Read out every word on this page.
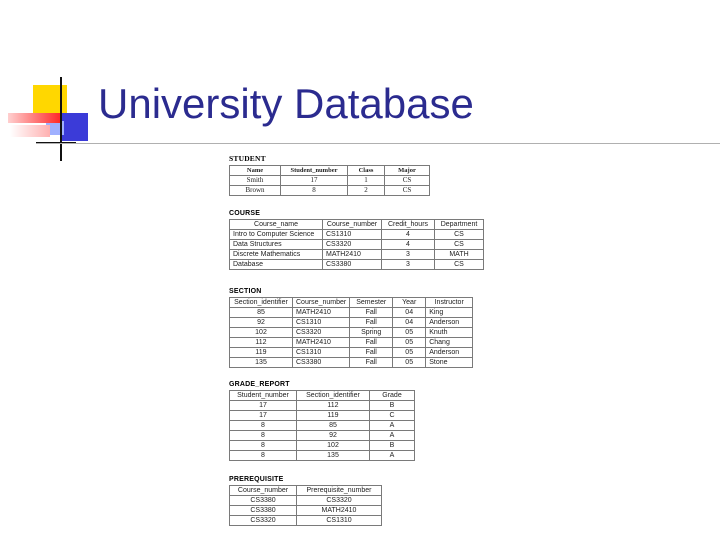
University Database
STUDENT
Name	Student_number	Class	Major
Smith	17	1	CS
Brown	8	2	CS
COURSE
Course_name	Course_number	Credit_hours	Department
Intro to Computer Science	CS1310	4	CS
Data Structures	CS3320	4	CS
Discrete Mathematics	MATH2410	3	MATH
Database	CS3380	3	CS
SECTION
Section_identifier	Course_number	Semester	Year	Instructor
85	MATH2410	Fall	04	King
92	CS1310	Fall	04	Anderson
102	CS3320	Spring	05	Knuth
112	MATH2410	Fall	05	Chang
119	CS1310	Fall	05	Anderson
135	CS3380	Fall	05	Stone
GRADE_REPORT
Student_number	Section_identifier	Grade
17	112	B
17	119	C
8	85	A
8	92	A
8	102	B
8	135	A
PREREQUISITE
Course_number	Prerequisite_number
CS3380	CS3320
CS3380	MATH2410
CS3320	CS1310
